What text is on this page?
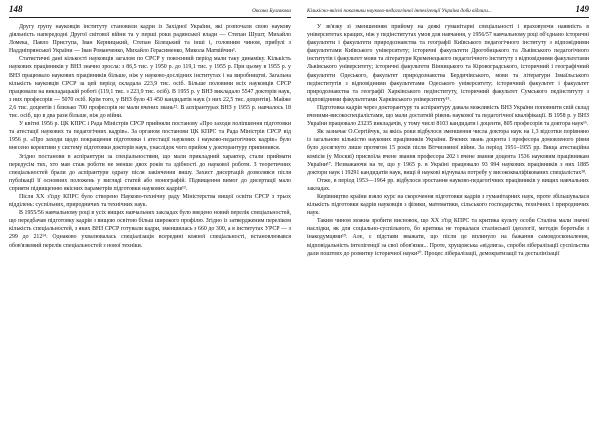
148	Оксана Булгакова

Другу групу науковців інституту становили кадри із Західної України, які розпочали свою наукову діяльність напередодні Другої світової війни та у перші роки радянської влади — Степан Шушт, Михайло Ломека, Павло Присгупа, Іван Керницький, Степан Білецький та інші і, головним чином, прибулі з Наддніпрянської України — Іван Романченко, Михайло Герасименко, Микола Матвійчин¹.

Статистичні дані кількості науковців загалом по СРСР у повоєнний період мали таку динаміку. Кількість наукових працівників у ВНЗ значно зросла: з 86,5 тис. у 1950 р. до 119,1 тис. у 1955 р. При цьому в 1955 р. у ВНЗ працювало наукових працівників більше, ніж у науково-дослідних інститутах і на виробництві. Загальна кількість науковців СРСР за цей період складала 223,9 тис. осіб. Більше половини всіх науковців СРСР працювали на викладацькій роботі (119,1 тис. з 223,9 тис. осіб). В 1955 р. у ВНЗ викладало 5547 докторів наук, з них професорів — 5070 осіб. Крім того, у ВНЗ було 43 450 кандидатів наук (з них 22,5 тис. доцентів). Майже 2,6 тис. доцентів і близько 700 професорів не мали вчених звань¹². В аспірантурах ВНЗ у 1955 р. навчалось 18 тис. осіб, що в два рази більше, ніж до війни.

У квітні 1956 р. ЦК КПРС і Рада Міністрів СРСР прийняли постанову «Про заходи поліпшення підготовки та атестації наукових та педагогічних кадрів». За органом постанови ЦК КПРС та Рада Міністрів СРСР від 1956 р. «Про заходи щодо покращення підготовки і атестації наукових і науково-педагогічних кадрів» було внесено корективи у систему підготовки докторів наук, унаслідок чого прийом у докторантуру припинився.

Згідно постанови в аспірантури за спеціальностями, що мали прикладний характер, стали приймати передусім тих, хто мав стаж роботи не менше двох років та здібності до наукової роботи. З теоретичних спеціальностей брали до аспірантури одразу після закінчення вишу. Захист дисертацій дозволявся після публікації її основних положень у вигляді статей або монографій. Підвищення вимог до дисертації мало сприяти підвищенню якісних параметрів підготовки наукових кадрів¹³.

Після ХХ з'їзду КПРС було створено Науково-технічну раду Міністерства вищої освіти СРСР з трьох відділень: суспільних, природничих та технічних наук.

В 1955/56 навчальному році в усіх вищих навчальних закладах було введено новий перелік спеціальностей, що передбачав підготовку кадрів з вищою освітою більш широкого профілю. Згідно із затвердженим переліком кількість спеціальностей, з яких ВНЗ СРСР готували кадри, зменшилась з 660 до 300, а в інститутах УРСР — з 299 до 212¹⁴. Однаково ухвалювалась спеціалізація всередині кожної спеціальності, встановлювався обов'язковий перелік спеціальностей з нової техніки.

Кількісно-якісні показники науково-педагогічної інтелігенції України доби відлиги...	149

У зв'язку зі зменшенням прийому на деякі гуманітарні спеціальності і враховуючи наявність в університетах кращих, ніж у педінститутах умов для навчання, у 1956/57 навчальному році об'єднано історичні факультети і факультети природознавства та географії Київського педагогічного інституту з відповідними факультетами Київського університету; історичні факультети Дрогобицького та Львівського педагогічного інститутів і факультет мови та літератури Кременецького педагогічного інституту з відповідними факультетами Львівського університету; історичні факультети Вінницького та Кіровоградського, історичний і географічний факультети Одеського, факультет природознавства Бердичівського, мови та літератури Ізмаїльського педінститутів з відповідними факультетами Одеського університету; історичний факультет і факультет природознавства та географії Харківського педінституту, історичний факультет Сумського педінституту з відповідними факультетами Харківського університету¹⁵.

Підготовка кадрів через докторантуру та аспірантуру давала можливість ВНЗ України поповнити свій склад вченими-високоспеціалістами, що мали достатній рівень наукової та педагогічної кваліфікації. В 1958 р. у ВНЗ України працювало 23235 викладачів, у тому числі 8103 кандидати і доценти, 805 професорів та доктора наук¹⁶.

Як зазначає О.Сергійчук, за якісь роки відбулося зменшення числа доктора наук на 1,3 відсотки порівняно із загальною кількістю наукових працівників України. Вчених звань доцента і професора домовленого рівня було досягнуто лише протягом 15 років після Вітчизняної війни. За період 1951–1955 рр. Вища атестаційна комісія (у Москві) присвоїла вчене звання професора 202 і вчене звання доцента 1536 науковим працівникам України¹⁷. Незважаючи на те, що у 1965 р. в Україні працювало 93 994 наукових працівників з них 1885 доктори наук і 19291 кандидатів наук, вищі й наукові відчувала потребу у висококваліфікованих спеціалістах¹⁸.

Отже, в період 1953—1964 рр. відбулося зростання науково-педагогічних працівників у вищих навчальних закладах.

Керівництво країни взяло курс на скорочення підготовки кадрів з гуманітарних наук, проте збільшувалася кількість підготовки кадрів науковців з фізики, математики, сільського господарства, технічних і природничих наук.

Таким чином можна зробити висновок, що ХХ з'їзд КПРС та критика культу особи Сталіна мали значні наслідки, як для соціально-суспільного, бо критика не торкалася сталінської ідеології, методів боротьби з інакодумцями¹⁹. Але, є підстави вважати, що після це вплинуло на бажання самовдосконалення, відповідальність інтелігенції за свої обов'язки... Проте, хрущовська «відлига», спроби лібералізації суспільства дали поштовх до розвитку історичної науки²⁰. Процес лібералізації, демократизації та десталінізації
